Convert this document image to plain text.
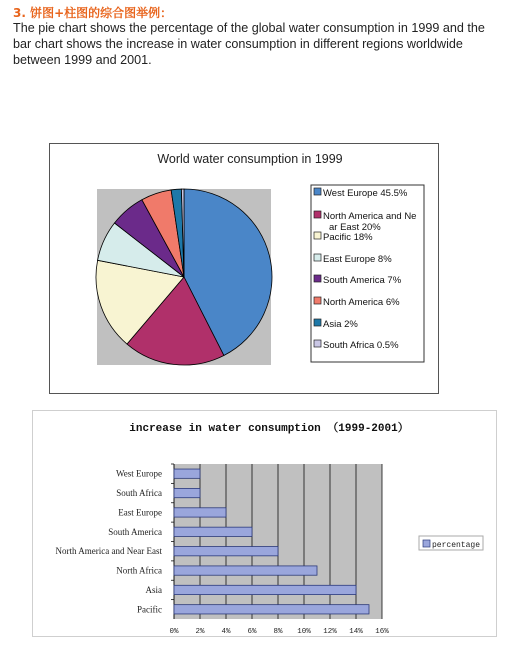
3. 饼图+柱图的综合图举例：
The pie chart shows the percentage of the global water consumption in 1999 and the bar chart shows the increase in water consumption in different regions worldwide between 1999 and 2001.
World water consumption in 1999
West Europe 45.5%
North America and Ne ar East 20%
Pacific 18%
East Europe 8%
South America 7%
North America 6%
Asia 2%
South Africa 0.5%
increase in water consumption （1999-2001）
West Europe
South Africa
East Europe
South America
North America and Near East
North Africa
Asia
Pacific
0% 2% 4% 6% 8% 10% 12% 14% 16%
percentage
